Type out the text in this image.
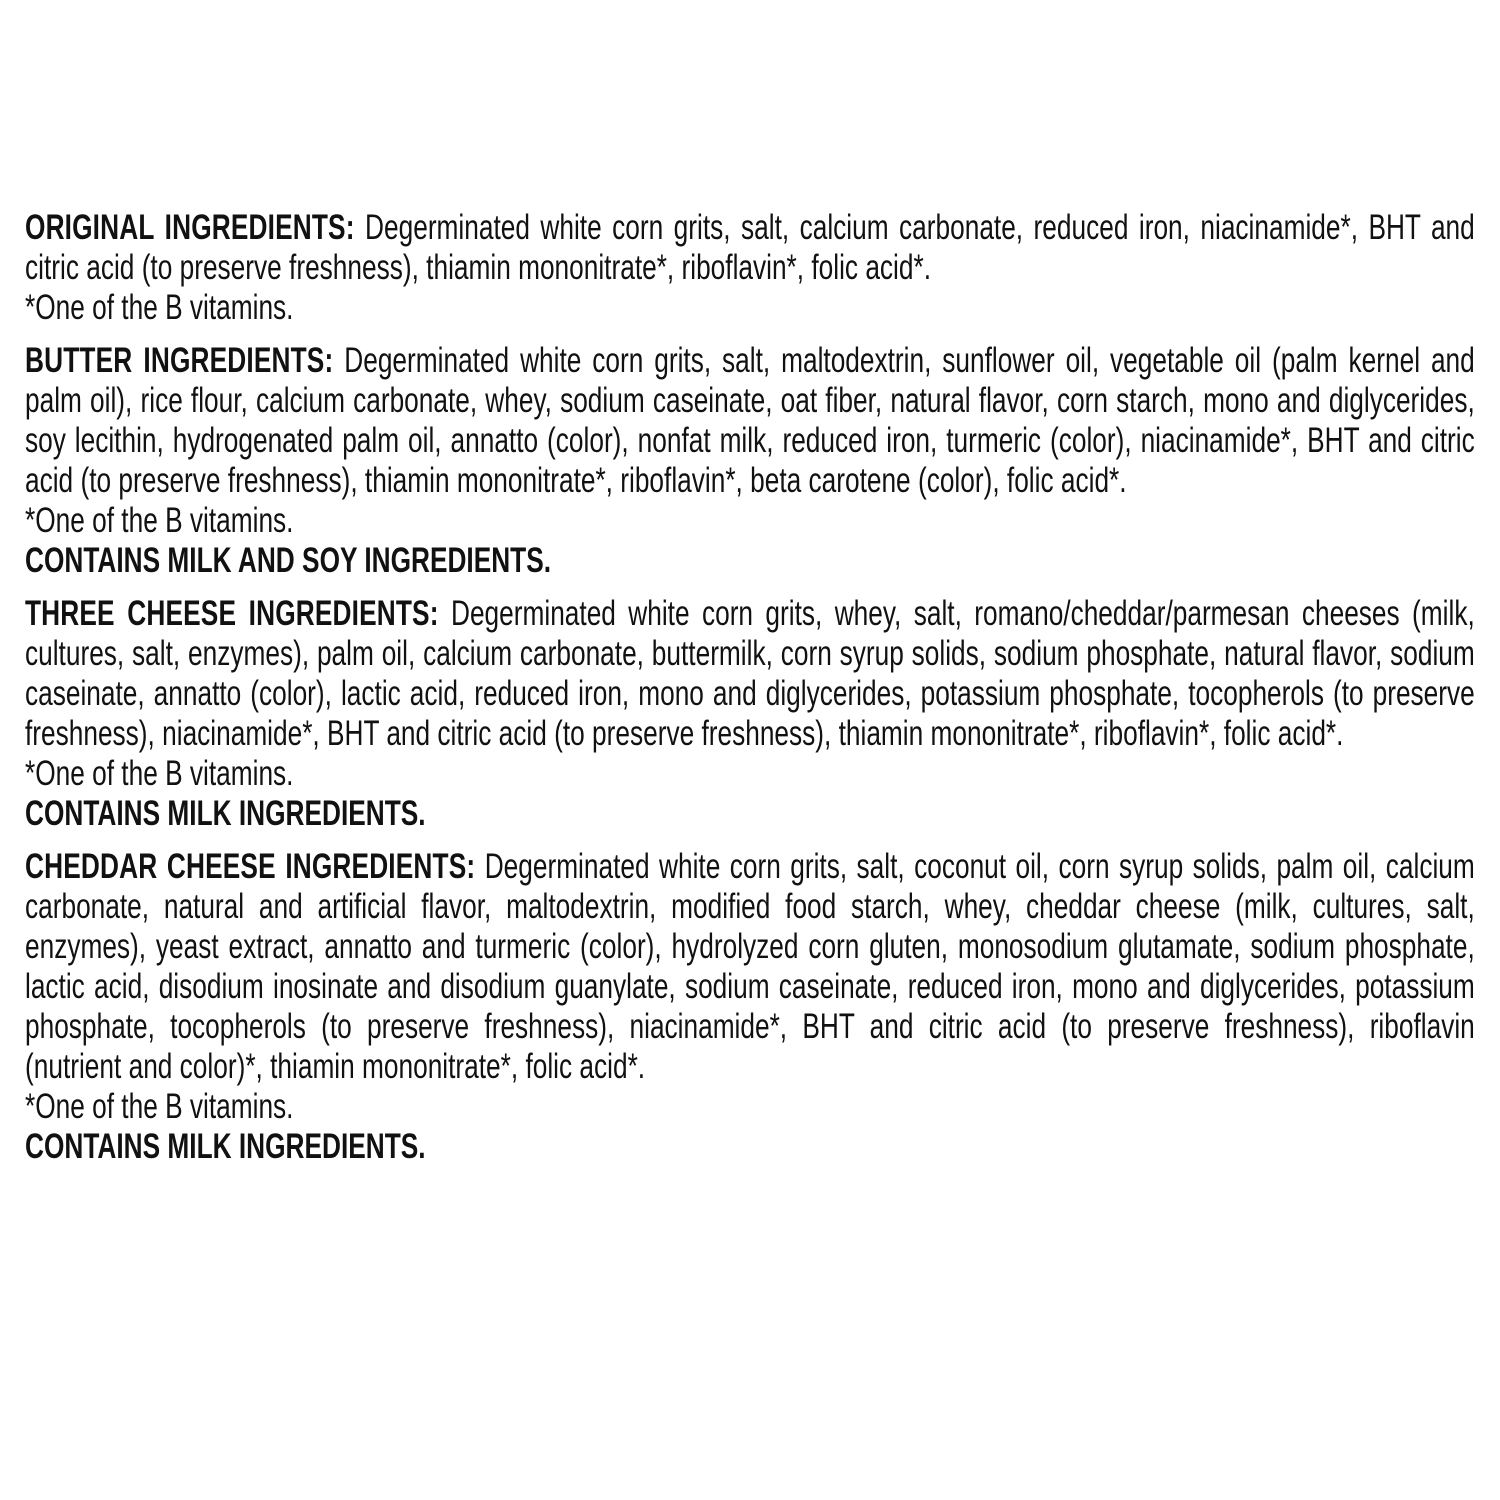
ORIGINAL INGREDIENTS: Degerminated white corn grits, salt, calcium carbonate, reduced iron, niacinamide*, BHT and citric acid (to preserve freshness), thiamin mononitrate*, riboflavin*, folic acid*.

*One of the B vitamins.

BUTTER INGREDIENTS: Degerminated white corn grits, salt, maltodextrin, sunflower oil, vegetable oil (palm kernel and palm oil), rice flour, calcium carbonate, whey, sodium caseinate, oat fiber, natural flavor, corn starch, mono and diglycerides, soy lecithin, hydrogenated palm oil, annatto (color), nonfat milk, reduced iron, turmeric (color), niacinamide*, BHT and citric acid (to preserve freshness), thiamin mononitrate*, riboflavin*, beta carotene (color), folic acid*.

*One of the B vitamins.

CONTAINS MILK AND SOY INGREDIENTS.

THREE CHEESE INGREDIENTS: Degerminated white corn grits, whey, salt, romano/cheddar/parmesan cheeses (milk, cultures, salt, enzymes), palm oil, calcium carbonate, buttermilk, corn syrup solids, sodium phosphate, natural flavor, sodium caseinate, annatto (color), lactic acid, reduced iron, mono and diglycerides, potassium phosphate, tocopherols (to preserve freshness), niacinamide*, BHT and citric acid (to preserve freshness), thiamin mononitrate*, riboflavin*, folic acid*.

*One of the B vitamins.

CONTAINS MILK INGREDIENTS.

CHEDDAR CHEESE INGREDIENTS: Degerminated white corn grits, salt, coconut oil, corn syrup solids, palm oil, calcium carbonate, natural and artificial flavor, maltodextrin, modified food starch, whey, cheddar cheese (milk, cultures, salt, enzymes), yeast extract, annatto and turmeric (color), hydrolyzed corn gluten, monosodium glutamate, sodium phosphate, lactic acid, disodium inosinate and disodium guanylate, sodium caseinate, reduced iron, mono and diglycerides, potassium phosphate, tocopherols (to preserve freshness), niacinamide*, BHT and citric acid (to preserve freshness), riboflavin (nutrient and color)*, thiamin mononitrate*, folic acid*.

*One of the B vitamins.

CONTAINS MILK INGREDIENTS.
